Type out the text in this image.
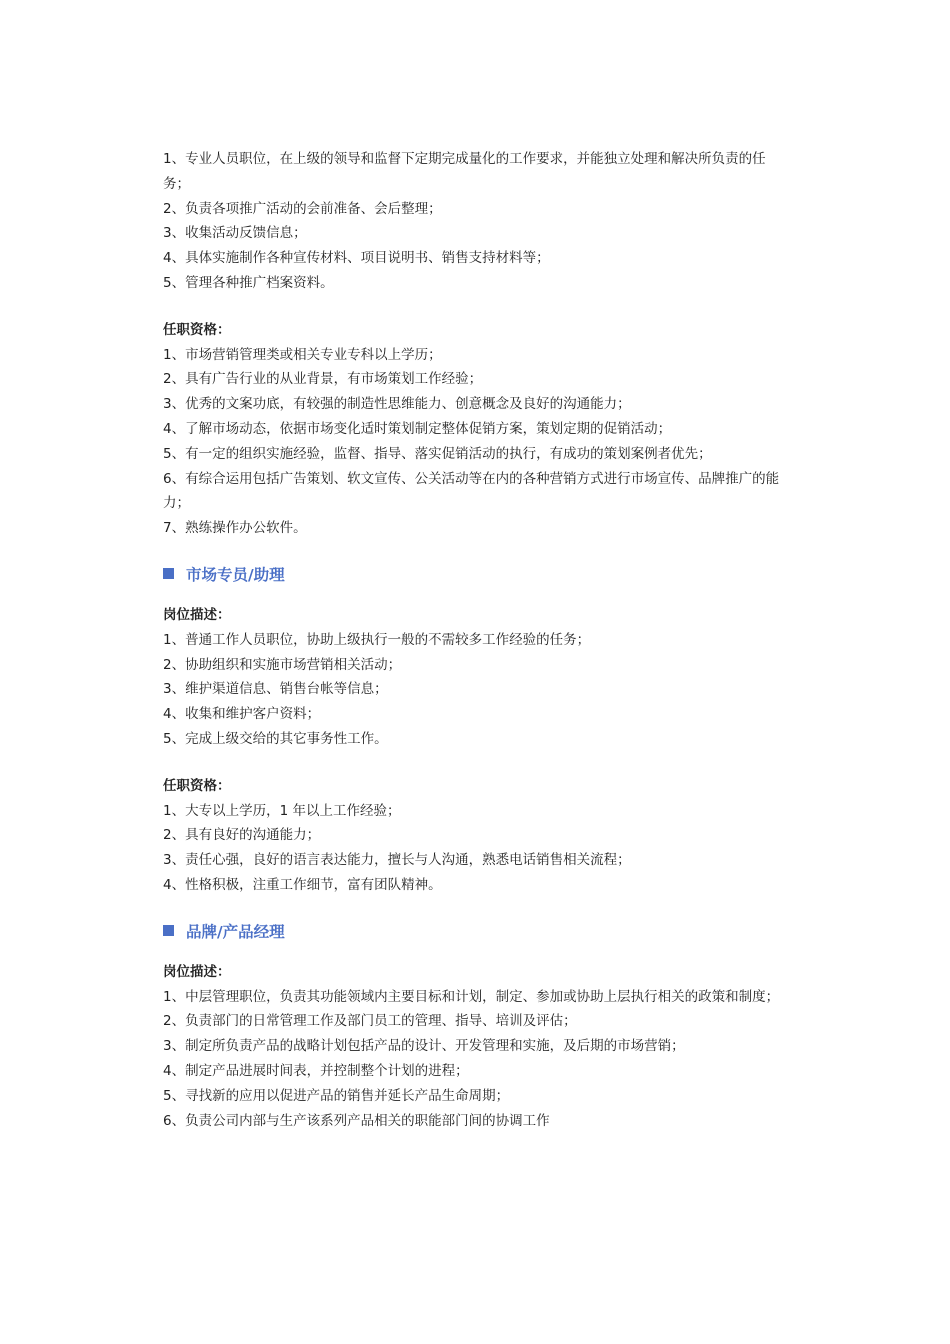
1、专业人员职位，在上级的领导和监督下定期完成量化的工作要求，并能独立处理和解决所负责的任务；

2、负责各项推广活动的会前准备、会后整理；

3、收集活动反馈信息；

4、具体实施制作各种宣传材料、项目说明书、销售支持材料等；

5、管理各种推广档案资料。

任职资格：

1、市场营销管理类或相关专业专科以上学历；

2、具有广告行业的从业背景，有市场策划工作经验；

3、优秀的文案功底，有较强的制造性思维能力、创意概念及良好的沟通能力；

4、了解市场动态，依据市场变化适时策划制定整体促销方案，策划定期的促销活动；

5、有一定的组织实施经验，监督、指导、落实促销活动的执行，有成功的策划案例者优先；

6、有综合运用包括广告策划、软文宣传、公关活动等在内的各种营销方式进行市场宣传、品牌推广的能力；

7、熟练操作办公软件。

市场专员/助理

岗位描述：

1、普通工作人员职位，协助上级执行一般的不需较多工作经验的任务；

2、协助组织和实施市场营销相关活动；

3、维护渠道信息、销售台帐等信息；

4、收集和维护客户资料；

5、完成上级交给的其它事务性工作。

任职资格：

1、大专以上学历，1 年以上工作经验；

2、具有良好的沟通能力；

3、责任心强，良好的语言表达能力，擅长与人沟通，熟悉电话销售相关流程；

4、性格积极，注重工作细节，富有团队精神。

品牌/产品经理

岗位描述：

1、中层管理职位，负责其功能领域内主要目标和计划，制定、参加或协助上层执行相关的政策和制度；

2、负责部门的日常管理工作及部门员工的管理、指导、培训及评估；

3、制定所负责产品的战略计划包括产品的设计、开发管理和实施，及后期的市场营销；

4、制定产品进展时间表，并控制整个计划的进程；

5、寻找新的应用以促进产品的销售并延长产品生命周期；

6、负责公司内部与生产该系列产品相关的职能部门间的协调工作
